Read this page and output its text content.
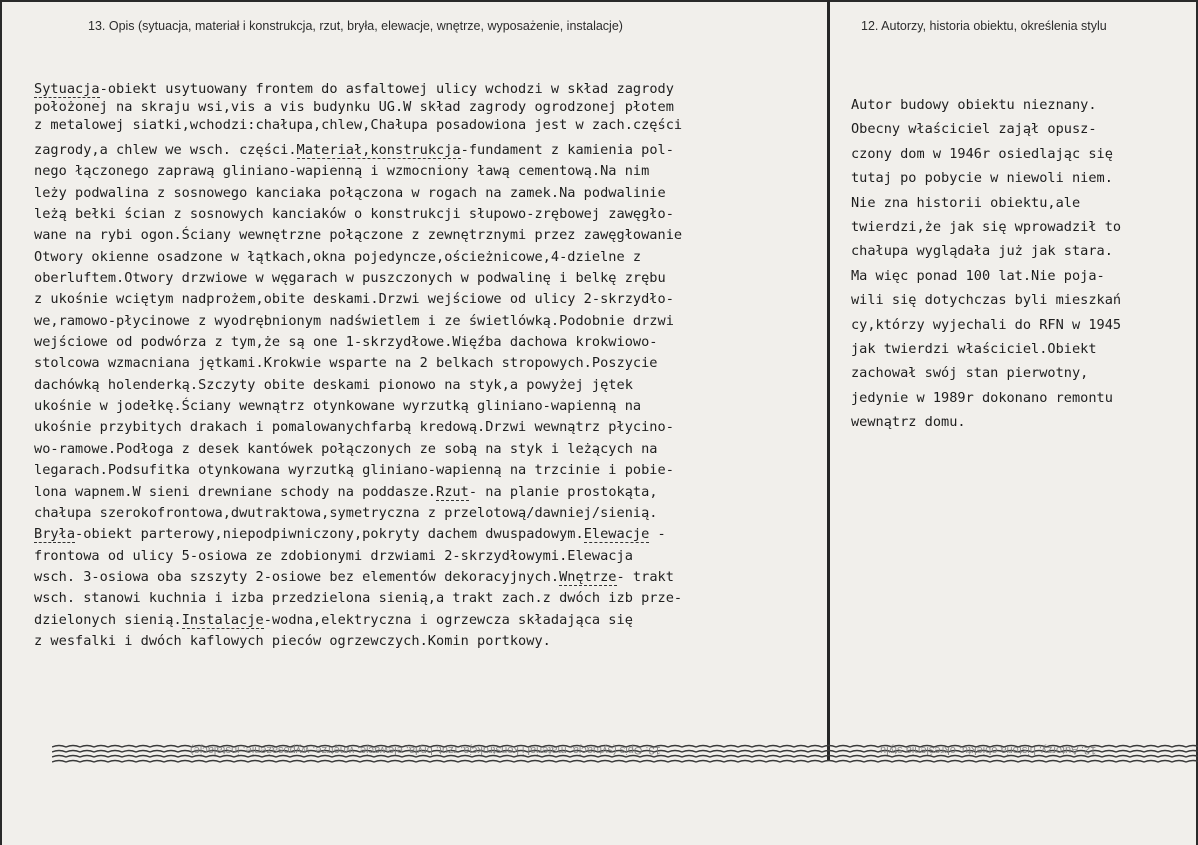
13. Opis (sytuacja, materiał i konstrukcja, rzut, bryła, elewacje, wnętrze, wyposażenie, instalacje)	12. Autorzy, historia obiektu, określenia stylu
Sytuacja-obiekt usytuowany frontem do asfaltowej ulicy wchodzi w skład zagrody
położonej na skraju wsi,vis a vis budynku UG.W skład zagrody ogrodzonej płotem
z metalowej siatki,wchodzi:chałupa,chlew,Chałupa posadowiona jest w zach.części
zagrody,a chlew we wsch. części.Materiał,konstrukcja-fundament z kamienia pol-
nego łączonego zaprawą gliniano-wapienną i wzmocniony ławą cementową.Na nim
leży podwalina z sosnowego kanciaka połączona w rogach na zamek.Na podwalinie
leżą bełki ścian z sosnowych kanciaków o konstrukcji słupowo-zrębowej zawęgło-
wane na rybi ogon.Ściany wewnętrzne połączone z zewnętrznymi przez zawęgłowanie
Otwory okienne osadzone w łątkach,okna pojedyncze,ościeżnicowe,4-dzielne z
oberluftem.Otwory drzwiowe w węgarach w puszczonych w podwalinę i belkę zrębu
z ukośnie wciętym nadprożem,obite deskami.Drzwi wejściowe od ulicy 2-skrzydło-
we,ramowo-płycinowe z wyodrębnionym nadświetlem i ze świetlówką.Podobnie drzwi
wejściowe od podwórza z tym,że są one 1-skrzydłowe.Więźba dachowa krokwiowo-
stolcowa wzmacniana jętkami.Krokwie wsparte na 2 belkach stropowych.Poszycie
dachówką holenderką.Szczyty obite deskami pionowo na styk,a powyżej jętek
ukośnie w jodełkę.Ściany wewnątrz otynkowane wyrzutką gliniano-wapienną na
ukośnie przybitych drakach i pomalowanychfarbą kredową.Drzwi wewnątrz płycino-
wo-ramowe.Podłoga z desek kantówek połączonych ze sobą na styk i leżących na
legarach.Podsufitka otynkowana wyrzutką gliniano-wapienną na trzcinie i pobie-
lona wapnem.W sieni drewniane schody na poddasze.Rzut- na planie prostokąta,
chałupa szerokofrontowa,dwutraktowa,symetryczna z przelotową/dawniej/sienią.
Bryła-obiekt parterowy,niepodpiwniczony,pokryty dachem dwuspadowym.Elewacje -
frontowa od ulicy 5-osiowa ze zdobionymi drzwiami 2-skrzydłowymi.Elewacja
wsch. 3-osiowa oba szszyty 2-osiowe bez elementów dekoracyjnych.Wnętrze- trakt
wsch. stanowi kuchnia i izba przedzielona sienią,a trakt zach.z dwóch izb prze-
dzielonych sienią.Instalacje-wodna,elektryczna i ogrzewcza składająca się
z wesfalki i dwóch kaflowych pieców ogrzewczych.Komin portkowy.
Autor budowy obiektu nieznany.
Obecny właściciel zajął opusz-
czony dom w 1946r osiedlając się
tutaj po pobycie w niewoli niem.
Nie zna historii obiektu,ale
twierdzi,że jak się wprowadził to
chałupa wyglądała już jak stara.
Ma więc ponad 100 lat.Nie poja-
wili się dotychczas byli mieszkań
cy,którzy wyjechali do RFN w 1945
jak twierdzi właściciel.Obiekt
zachował swój stan pierwotny,
jedynie w 1989r dokonano remontu
wewnątrz domu.
13. Opis (sytuacja, materiał i konstrukcja, rzut, bryła, elewacje, wnętrze, wyposażenie, instalacje)	12. Autorzy, historia obiektu, określenia stylu
